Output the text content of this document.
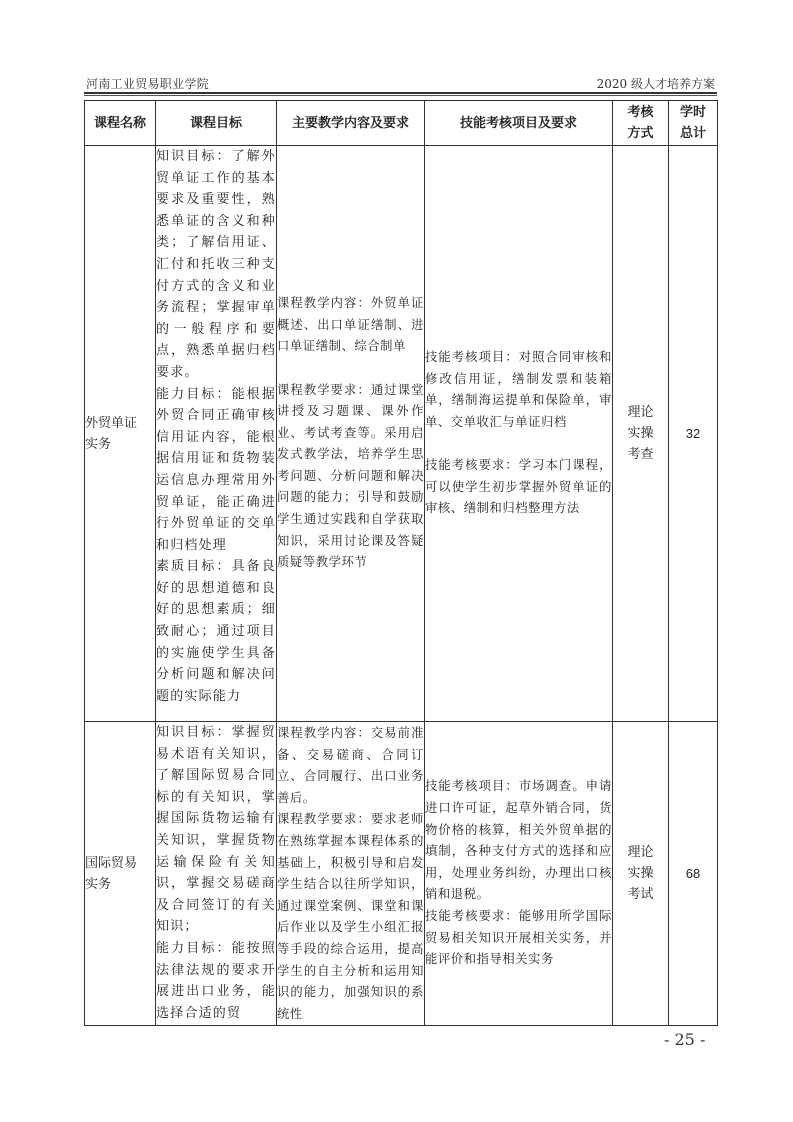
河南工业贸易职业学院	2020 级人才培养方案
课程名称	课程目标	主要教学内容及要求	技能考核项目及要求	
考核
方式

学时
总计

外贸单证
实务

知识目标：了解外贸单证工作的基本要求及重要性，熟悉单证的含义和种类；了解信用证、汇付和托收三种支付方式的含义和业务流程；掌握审单的一般程序和要点，熟悉单据归档要求。
能力目标：能根据外贸合同正确审核信用证内容，能根据信用证和货物装运信息办理常用外贸单证，能正确进行外贸单证的交单和归档处理
素质目标：具备良好的思想道德和良好的思想素质；细致耐心；通过项目的实施使学生具备分析问题和解决问题的实际能力

课程教学内容：外贸单证概述、出口单证缮制、进口单证缮制、综合制单
课程教学要求：通过课堂讲授及习题课、课外作业、考试考查等。采用启发式教学法，培养学生思考问题、分析问题和解决问题的能力；引导和鼓励学生通过实践和自学获取知识，采用讨论课及答疑质疑等教学环节

技能考核项目：对照合同审核和修改信用证，缮制发票和装箱单，缮制海运提单和保险单，审单、交单收汇与单证归档
技能考核要求：学习本门课程，可以使学生初步掌握外贸单证的审核、缮制和归档整理方法

理论
实操
考查
	32

国际贸易
实务

知识目标：掌握贸易术语有关知识，了解国际贸易合同标的有关知识，掌握国际货物运输有关知识，掌握货物运输保险有关知识，掌握交易磋商及合同签订的有关知识；
能力目标：能按照法律法规的要求开展进出口业务，能选择合适的贸

课程教学内容：交易前准备、交易磋商、合同订立、合同履行、出口业务善后。
课程教学要求：要求老师在熟练掌握本课程体系的基础上，积极引导和启发学生结合以往所学知识，通过课堂案例、课堂和课后作业以及学生小组汇报等手段的综合运用，提高学生的自主分析和运用知识的能力，加强知识的系统性

技能考核项目：市场调查。申请进口许可证，起草外销合同，货物价格的核算，相关外贸单据的填制，各种支付方式的选择和应用，处理业务纠纷，办理出口核销和退税。
技能考核要求：能够用所学国际贸易相关知识开展相关实务，并能评价和指导相关实务

理论
实操
考试
	68
- 25 -
